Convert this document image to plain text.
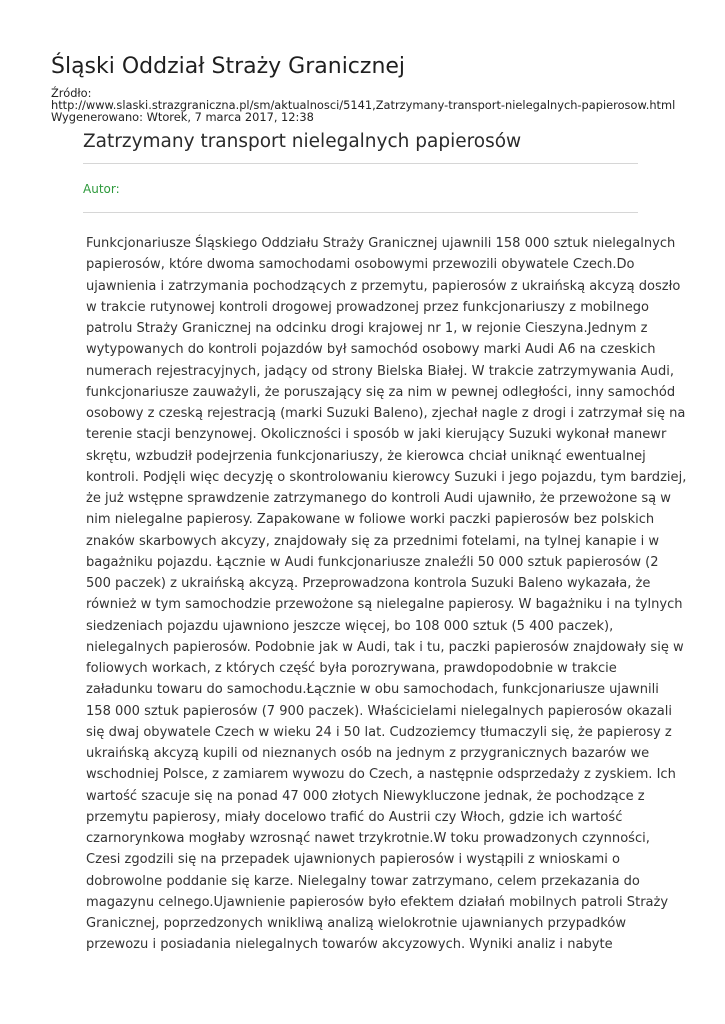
Śląski Oddział Straży Granicznej
Źródło:
http://www.slaski.strazgraniczna.pl/sm/aktualnosci/5141,Zatrzymany-transport-nielegalnych-papierosow.html
Wygenerowano: Wtorek, 7 marca 2017, 12:38
Zatrzymany transport nielegalnych papierosów
Autor:
Funkcjonariusze Śląskiego Oddziału Straży Granicznej ujawnili 158 000 sztuk nielegalnych
papierosów, które dwoma samochodami osobowymi przewozili obywatele Czech.Do
ujawnienia i zatrzymania pochodzących z przemytu, papierosów z ukraińską akcyzą doszło
w trakcie rutynowej kontroli drogowej prowadzonej przez funkcjonariuszy z mobilnego
patrolu Straży Granicznej na odcinku drogi krajowej nr 1, w rejonie Cieszyna.Jednym z
wytypowanych do kontroli pojazdów był samochód osobowy marki Audi A6 na czeskich
numerach rejestracyjnych, jadący od strony Bielska Białej. W trakcie zatrzymywania Audi,
funkcjonariusze zauważyli, że poruszający się za nim w pewnej odległości, inny samochód
osobowy z czeską rejestracją (marki Suzuki Baleno), zjechał nagle z drogi i zatrzymał się na
terenie stacji benzynowej. Okoliczności i sposób w jaki kierujący Suzuki wykonał manewr
skrętu, wzbudził podejrzenia funkcjonariuszy, że kierowca chciał uniknąć ewentualnej
kontroli. Podjęli więc decyzję o skontrolowaniu kierowcy Suzuki i jego pojazdu, tym bardziej,
że już wstępne sprawdzenie zatrzymanego do kontroli Audi ujawniło, że przewożone są w
nim nielegalne papierosy. Zapakowane w foliowe worki paczki papierosów bez polskich
znaków skarbowych akcyzy, znajdowały się za przednimi fotelami, na tylnej kanapie i w
bagażniku pojazdu. Łącznie w Audi funkcjonariusze znaleźli 50 000 sztuk papierosów (2
500 paczek) z ukraińską akcyzą. Przeprowadzona kontrola Suzuki Baleno wykazała, że
również w tym samochodzie przewożone są nielegalne papierosy. W bagażniku i na tylnych
siedzeniach pojazdu ujawniono jeszcze więcej, bo 108 000 sztuk (5 400 paczek),
nielegalnych papierosów. Podobnie jak w Audi, tak i tu, paczki papierosów znajdowały się w
foliowych workach, z których część była porozrywana, prawdopodobnie w trakcie
załadunku towaru do samochodu.Łącznie w obu samochodach, funkcjonariusze ujawnili
158 000 sztuk papierosów (7 900 paczek). Właścicielami nielegalnych papierosów okazali
się dwaj obywatele Czech w wieku 24 i 50 lat. Cudzoziemcy tłumaczyli się, że papierosy z
ukraińską akcyzą kupili od nieznanych osób na jednym z przygranicznych bazarów we
wschodniej Polsce, z zamiarem wywozu do Czech, a następnie odsprzedaży z zyskiem. Ich
wartość szacuje się na ponad 47 000 złotych Niewykluczone jednak, że pochodzące z
przemytu papierosy, miały docelowo trafić do Austrii czy Włoch, gdzie ich wartość
czarnorynkowa mogłaby wzrosnąć nawet trzykrotnie.W toku prowadzonych czynności,
Czesi zgodzili się na przepadek ujawnionych papierosów i wystąpili z wnioskami o
dobrowolne poddanie się karze. Nielegalny towar zatrzymano, celem przekazania do
magazynu celnego.Ujawnienie papierosów było efektem działań mobilnych patroli Straży
Granicznej, poprzedzonych wnikliwą analizą wielokrotnie ujawnianych przypadków
przewozu i posiadania nielegalnych towarów akcyzowych. Wyniki analiz i nabyte
